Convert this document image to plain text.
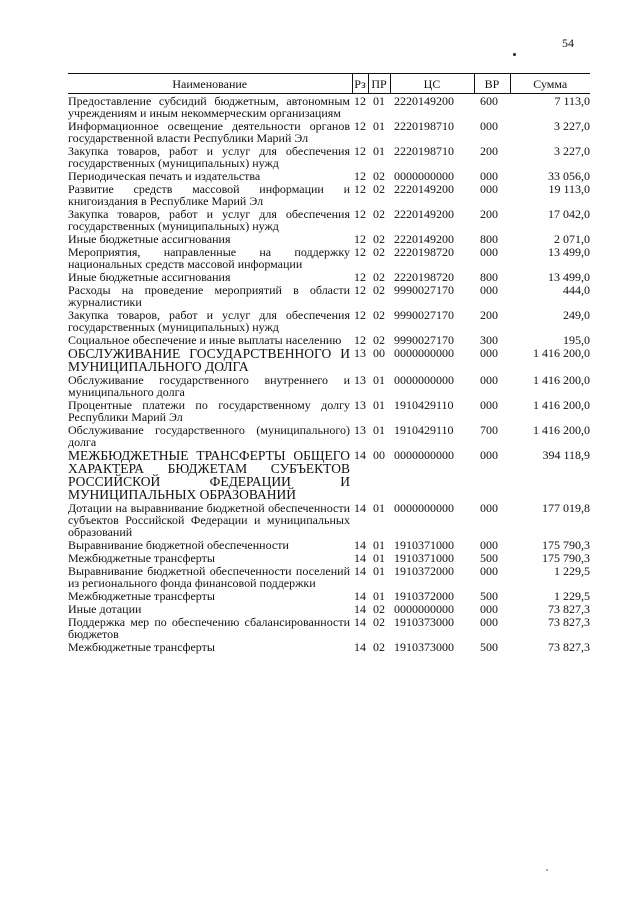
54
Наименование	Рз	ПР	ЦС	ВР	Сумма
Предоставление субсидий бюджетным, автономным учреждениям и иным некоммерческим организациям	12	01	2220149200	600	7 113,0
Информационное освещение деятельности органов государственной власти Республики Марий Эл	12	01	2220198710	000	3 227,0
Закупка товаров, работ и услуг для обеспечения государственных (муниципальных) нужд	12	01	2220198710	200	3 227,0
Периодическая печать и издательства	12	02	0000000000	000	33 056,0
Развитие средств массовой информации и книгоиздания в Республике Марий Эл	12	02	2220149200	000	19 113,0
Закупка товаров, работ и услуг для обеспечения государственных (муниципальных) нужд	12	02	2220149200	200	17 042,0
Иные бюджетные ассигнования	12	02	2220149200	800	2 071,0
Мероприятия, направленные на поддержку национальных средств массовой информации	12	02	2220198720	000	13 499,0
Иные бюджетные ассигнования	12	02	2220198720	800	13 499,0
Расходы на проведение мероприятий в области журналистики	12	02	9990027170	000	444,0
Закупка товаров, работ и услуг для обеспечения государственных (муниципальных) нужд	12	02	9990027170	200	249,0
Социальное обеспечение и иные выплаты населению	12	02	9990027170	300	195,0
ОБСЛУЖИВАНИЕ ГОСУДАРСТВЕННОГО И МУНИЦИПАЛЬНОГО ДОЛГА	13	00	0000000000	000	1 416 200,0
Обслуживание государственного внутреннего и муниципального долга	13	01	0000000000	000	1 416 200,0
Процентные платежи по государственному долгу Республики Марий Эл	13	01	1910429110	000	1 416 200,0
Обслуживание государственного (муниципального) долга	13	01	1910429110	700	1 416 200,0
МЕЖБЮДЖЕТНЫЕ ТРАНСФЕРТЫ ОБЩЕГО ХАРАКТЕРА БЮДЖЕТАМ СУБЪЕКТОВ РОССИЙСКОЙ ФЕДЕРАЦИИ И МУНИЦИПАЛЬНЫХ ОБРАЗОВАНИЙ	14	00	0000000000	000	394 118,9
Дотации на выравнивание бюджетной обеспеченности субъектов Российской Федерации и муниципальных образований	14	01	0000000000	000	177 019,8
Выравнивание бюджетной обеспеченности	14	01	1910371000	000	175 790,3
Межбюджетные трансферты	14	01	1910371000	500	175 790,3
Выравнивание бюджетной обеспеченности поселений из регионального фонда финансовой поддержки	14	01	1910372000	000	1 229,5
Межбюджетные трансферты	14	01	1910372000	500	1 229,5
Иные дотации	14	02	0000000000	000	73 827,3
Поддержка мер по обеспечению сбалансированности бюджетов	14	02	1910373000	000	73 827,3
Межбюджетные трансферты	14	02	1910373000	500	73 827,3
